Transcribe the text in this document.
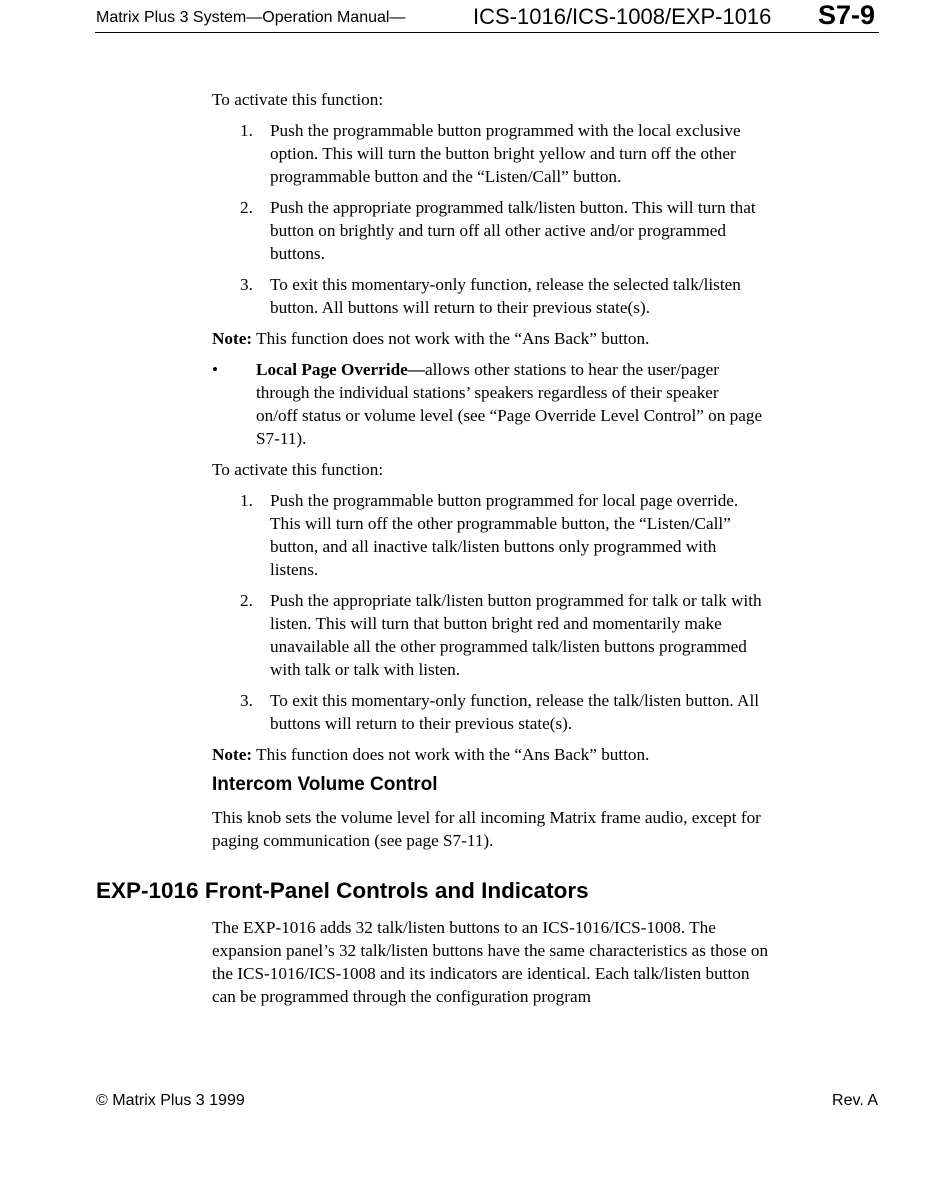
Matrix Plus 3 System—Operation Manual—	ICS-1016/ICS-1008/EXP-1016 S7-9

To activate this function:

1. Push the programmable button programmed with the local exclusive option. This will turn the button bright yellow and turn off the other programmable button and the “Listen/Call” button.
2. Push the appropriate programmed talk/listen button. This will turn that button on brightly and turn off all other active and/or programmed buttons.
3. To exit this momentary-only function, release the selected talk/listen button. All buttons will return to their previous state(s).

Note: This function does not work with the “Ans Back” button.

• Local Page Override—allows other stations to hear the user/pager through the individual stations’ speakers regardless of their speaker on/off status or volume level (see “Page Override Level Control” on page S7-11).

To activate this function:

1. Push the programmable button programmed for local page override. This will turn off the other programmable button, the “Listen/Call” button, and all inactive talk/listen buttons only programmed with listens.
2. Push the appropriate talk/listen button programmed for talk or talk with listen. This will turn that button bright red and momentarily make unavailable all the other programmed talk/listen buttons programmed with talk or talk with listen.
3. To exit this momentary-only function, release the talk/listen button. All buttons will return to their previous state(s).

Note: This function does not work with the “Ans Back” button.

Intercom Volume Control

This knob sets the volume level for all incoming Matrix frame audio, except for paging communication (see page S7-11).

EXP-1016 Front-Panel Controls and Indicators

The EXP-1016 adds 32 talk/listen buttons to an ICS-1016/ICS-1008. The expansion panel’s 32 talk/listen buttons have the same characteristics as those on the ICS-1016/ICS-1008 and its indicators are identical. Each talk/listen button can be programmed through the configuration program

© Matrix Plus 3 1999	Rev. A
